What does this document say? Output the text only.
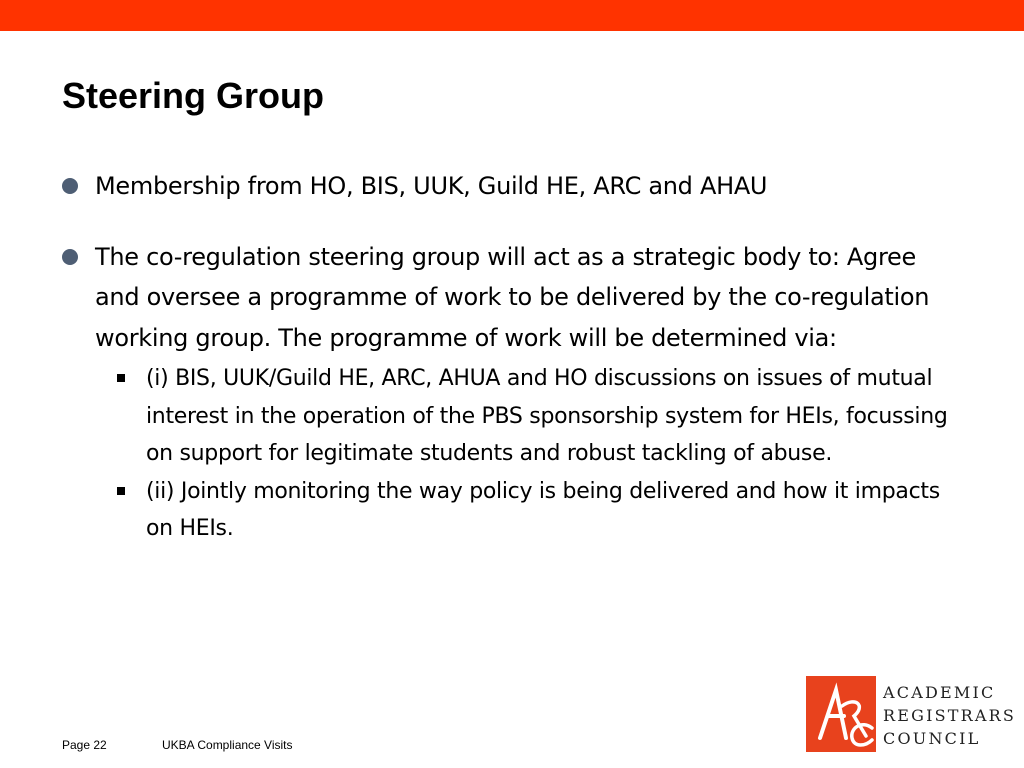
Steering Group
Membership from HO, BIS, UUK, Guild HE, ARC and AHAU
The co-regulation steering group will act as a strategic body to: Agree and oversee a programme of work to be delivered by the co-regulation working group. The programme of work will be determined via:
(i) BIS, UUK/Guild HE, ARC, AHUA and HO discussions on issues of mutual interest in the operation of the PBS sponsorship system for HEIs, focussing on support for legitimate students and robust tackling of abuse.
(ii) Jointly monitoring the way policy is being delivered and how it impacts on HEIs.
Page 22	UKBA Compliance Visits
ACADEMIC
REGISTRARS
COUNCIL
